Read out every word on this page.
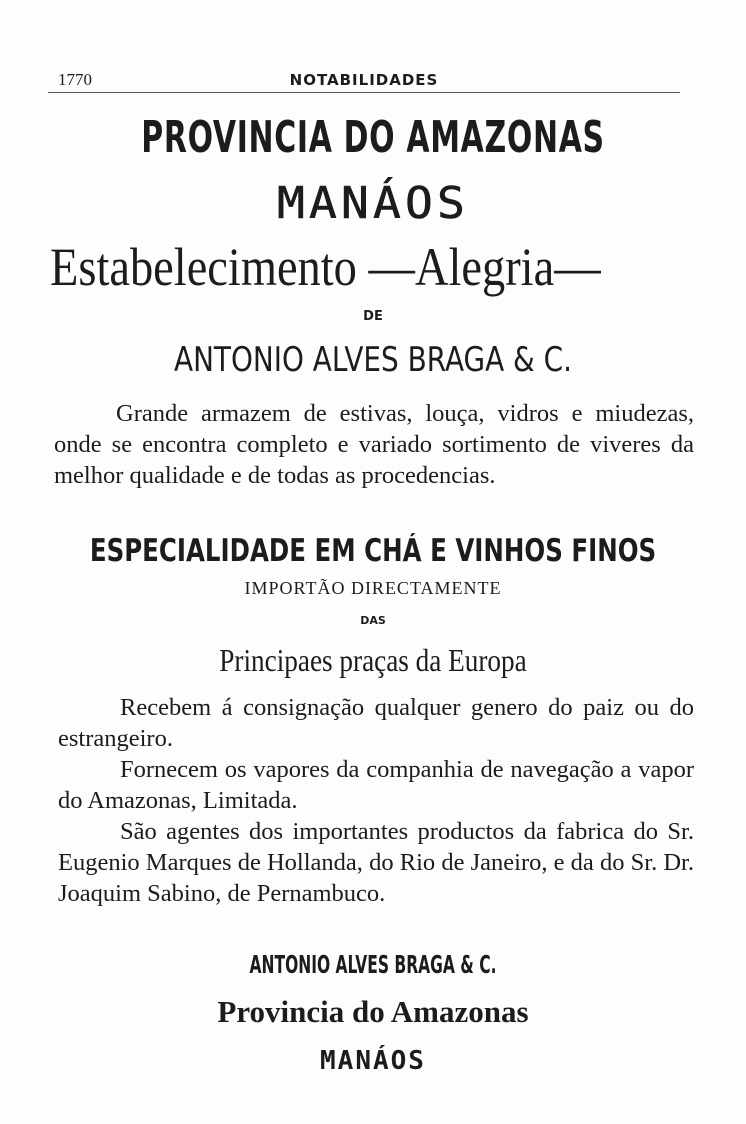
1770	NOTABILIDADES
PROVINCIA DO AMAZONAS
MANÁOS
Estabelecimento —Alegria—
DE
ANTONIO ALVES BRAGA & C.

Grande armazem de estivas, louça, vidros e miudezas, onde se encontra completo e variado sortimento de viveres da melhor qualidade e de todas as procedencias.

ESPECIALIDADE EM CHÁ E VINHOS FINOS
IMPORTÃO DIRECTAMENTE
DAS
Principaes praças da Europa

Recebem á consignação qualquer genero do paiz ou do estrangeiro.

Fornecem os vapores da companhia de navegação a vapor do Amazonas, Limitada.

São agentes dos importantes productos da fabrica do Sr. Eugenio Marques de Hollanda, do Rio de Janeiro, e da do Sr. Dr. Joaquim Sabino, de Pernambuco.

ANTONIO ALVES BRAGA & C.
Provincia do Amazonas
MANÁOS
